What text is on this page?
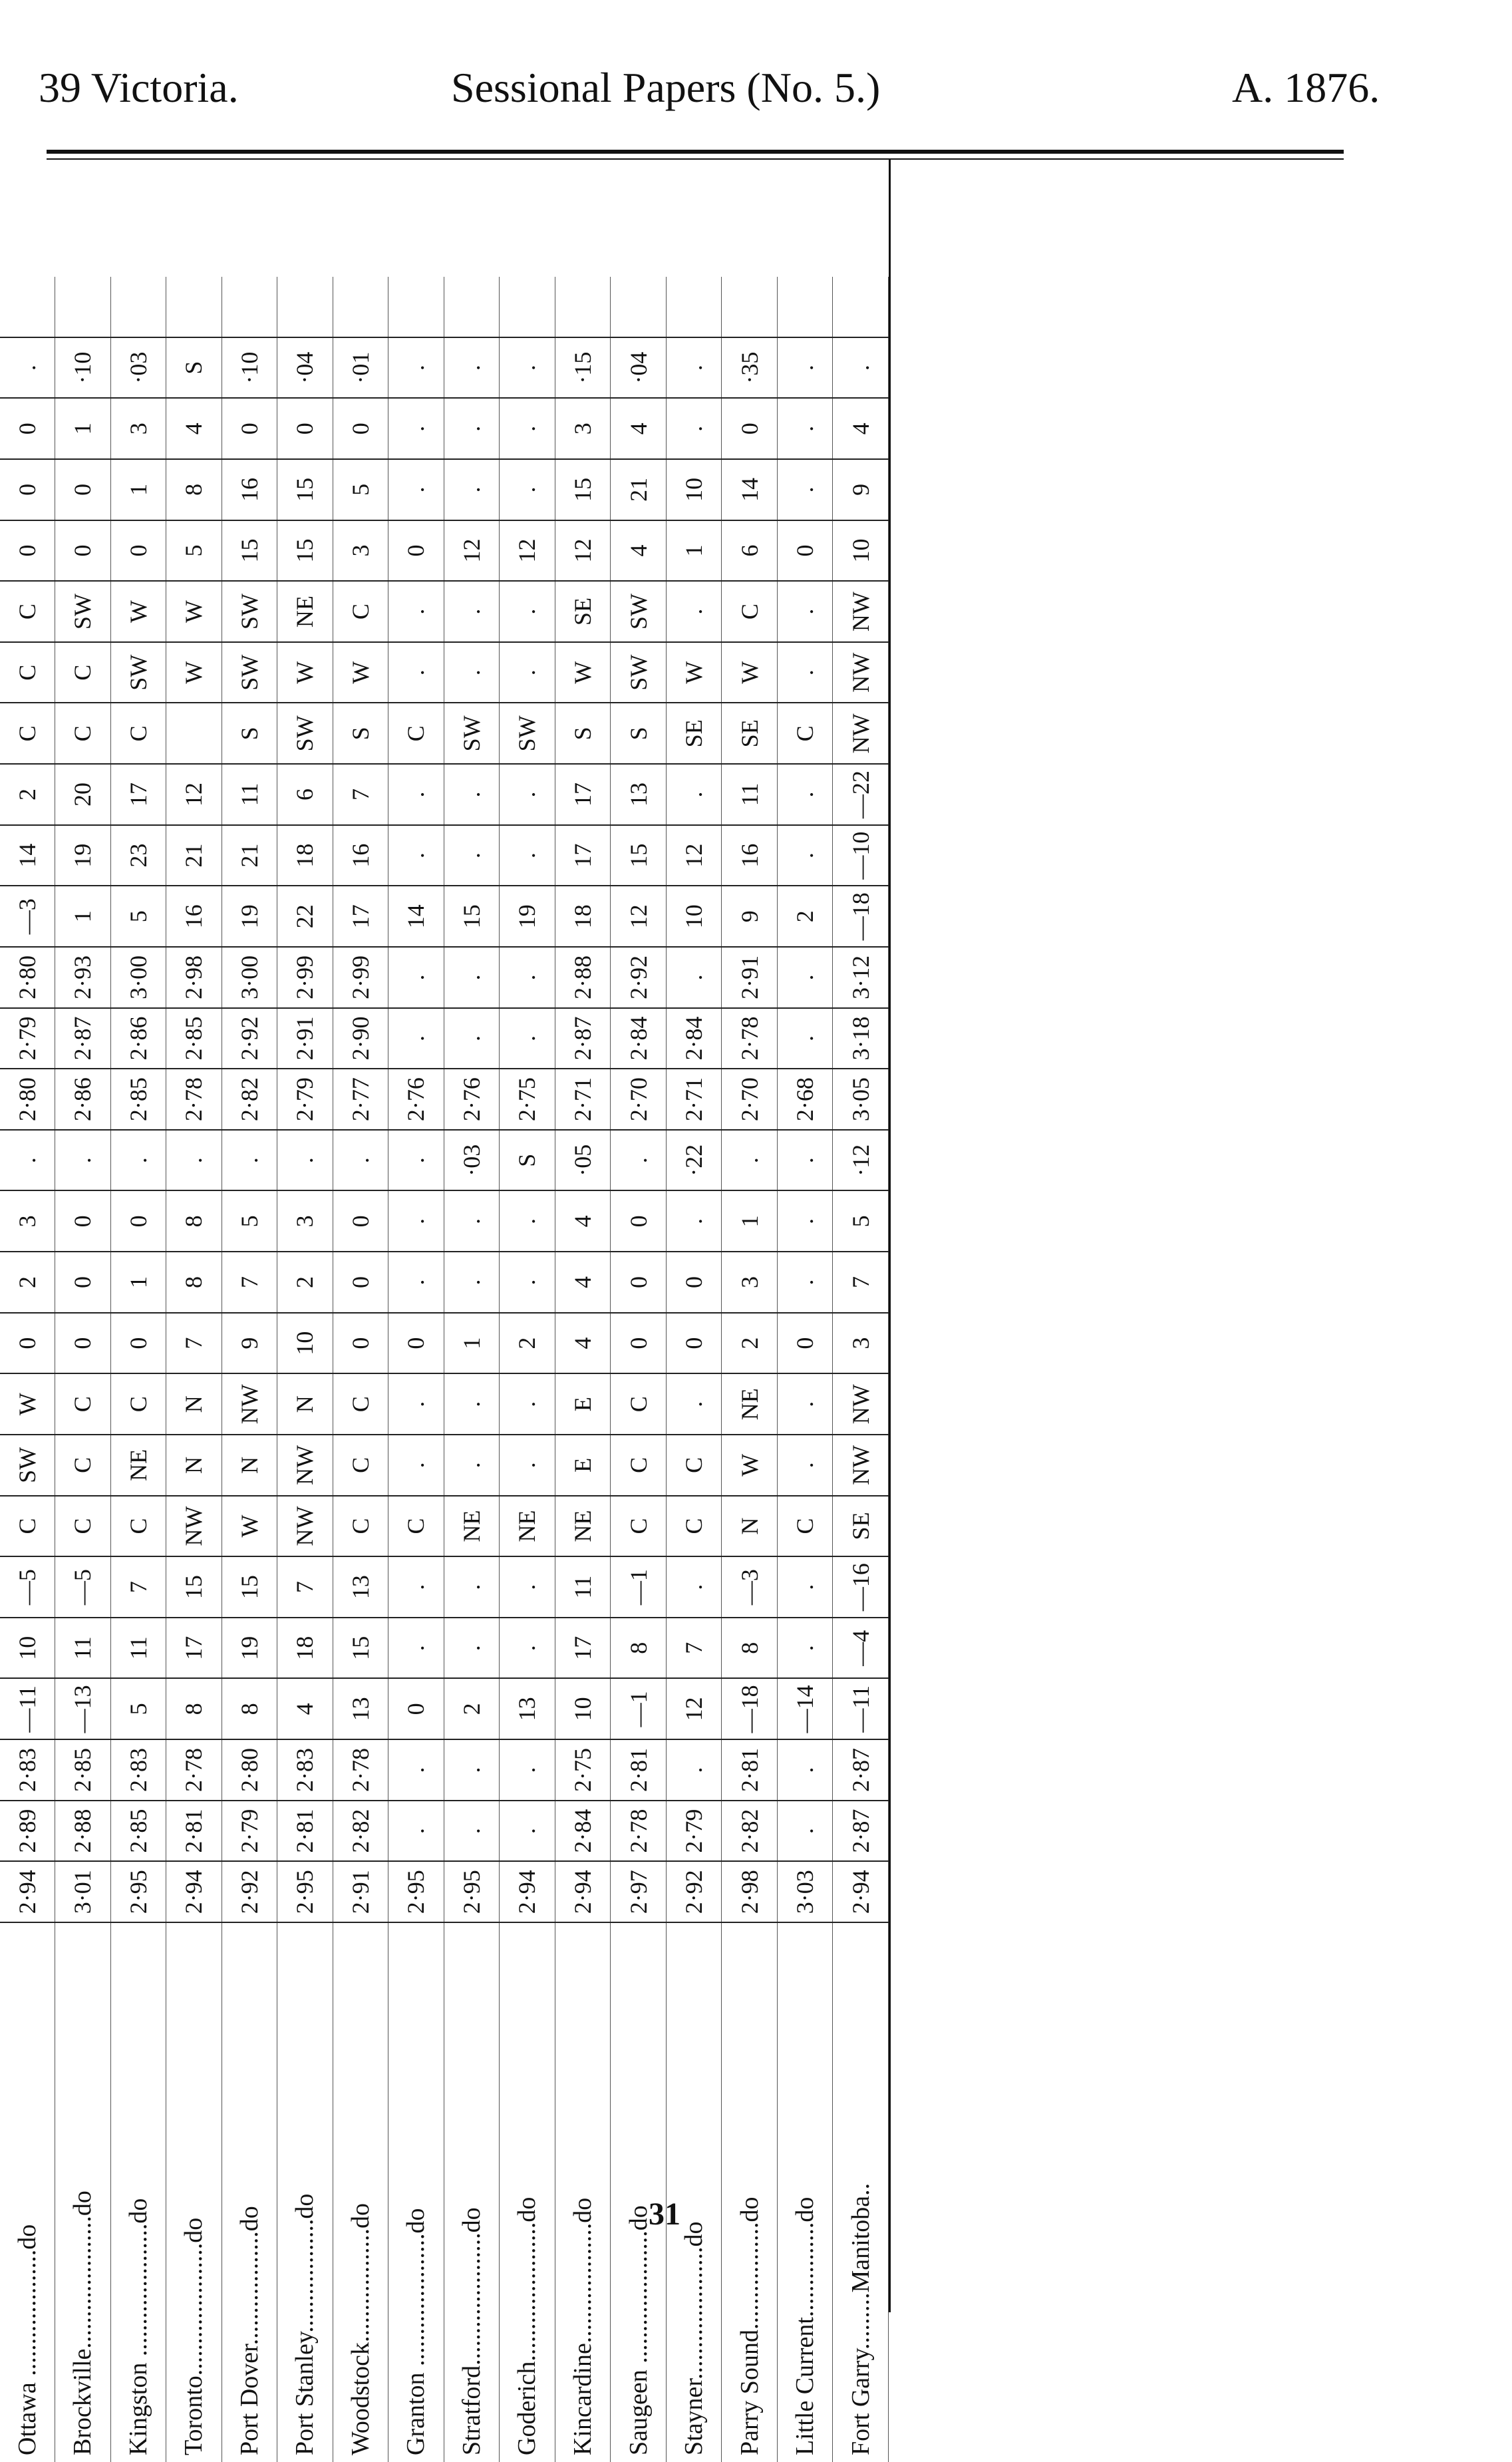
39 Victoria.	Sessional Papers (No. 5.)	A. 1876.
Ottawa ....................do	2·94	2·89	2·83	—11	10	—5	C	SW	W	0	2	3	.	2·80	2·79	2·80	—3	14	2	C	C	C	0	0	0	.	
Brockville.....................do	3·01	2·88	2·85	—13	11	—5	C	C	C	0	0	0	.	2·86	2·87	2·93	1	19	20	C	C	SW	0	0	1	·10	
Kingston .....................do	2·95	2·85	2·83	5	11	7	C	NE	C	0	1	0	.	2·85	2·86	3·00	5	23	17	C	SW	W	0	1	3	·03	
Toronto.....................do	2·94	2·81	2·78	8	17	15	NW	N	N	7	8	8	.	2·78	2·85	2·98	16	21	12		W	W	5	8	4	S	
Port Dover..................do	2·92	2·79	2·80	8	19	15	W	N	NW	9	7	5	.	2·82	2·92	3·00	19	21	11	S	SW	SW	15	16	0	·10	
Port Stanley..................do	2·95	2·81	2·83	4	18	7	NW	NW	N	10	2	3	.	2·79	2·91	2·99	22	18	6	SW	W	NE	15	15	0	·04	
Woodstock..................do	2·91	2·82	2·78	13	15	13	C	C	C	0	0	0	.	2·77	2·90	2·99	17	16	7	S	W	C	3	5	0	·01	
Granton .....................do	2·95	.	.	0	.	.	C	.	.	0	.	.	.	2·76	.	.	14	.	.	C	.	.	0	.	.	.	
Stratford.....................do	2·95	.	.	2	.	.	NE	.	.	1	.	.	·03	2·76	.	.	15	.	.	SW	.	.	12	.	.	.	
Goderich......................do	2·94	.	.	13	.	.	NE	.	.	2	.	.	S	2·75	.	.	19	.	.	SW	.	.	12	.	.	.	
Kincardine...................do	2·94	2·84	2·75	10	17	11	NE	E	E	4	4	4	·05	2·71	2·87	2·88	18	17	17	S	W	SE	12	15	3	·15	
Saugeen .....................do	2·97	2·78	2·81	—1	8	—1	C	C	C	0	0	0	.	2·70	2·84	2·92	12	15	13	S	SW	SW	4	21	4	·04	
Stayner.....................do	2·92	2·79	.	12	7	.	C	C	.	0	0	.	·22	2·71	2·84	.	10	12	.	SE	W	.	1	10	.	.	
Parry Sound.................do	2·98	2·82	2·81	—18	8	—3	N	W	NE	2	3	1	.	2·70	2·78	2·91	9	16	11	SE	W	C	6	14	0	·35	
Little Current...............do	3·03	.	.	—14	.	.	C	.	.	0	.	.	.	2·68	.	.	2	.	.	C	.	.	0	.	.	.	
Fort Garry.........Manitoba..	2·94	2·87	2·87	—11	—4	—16	SE	NW	NW	3	7	5	·12	3·05	3·18	3·12	—18	—10	—22	NW	NW	NW	10	9	4	.	
31
